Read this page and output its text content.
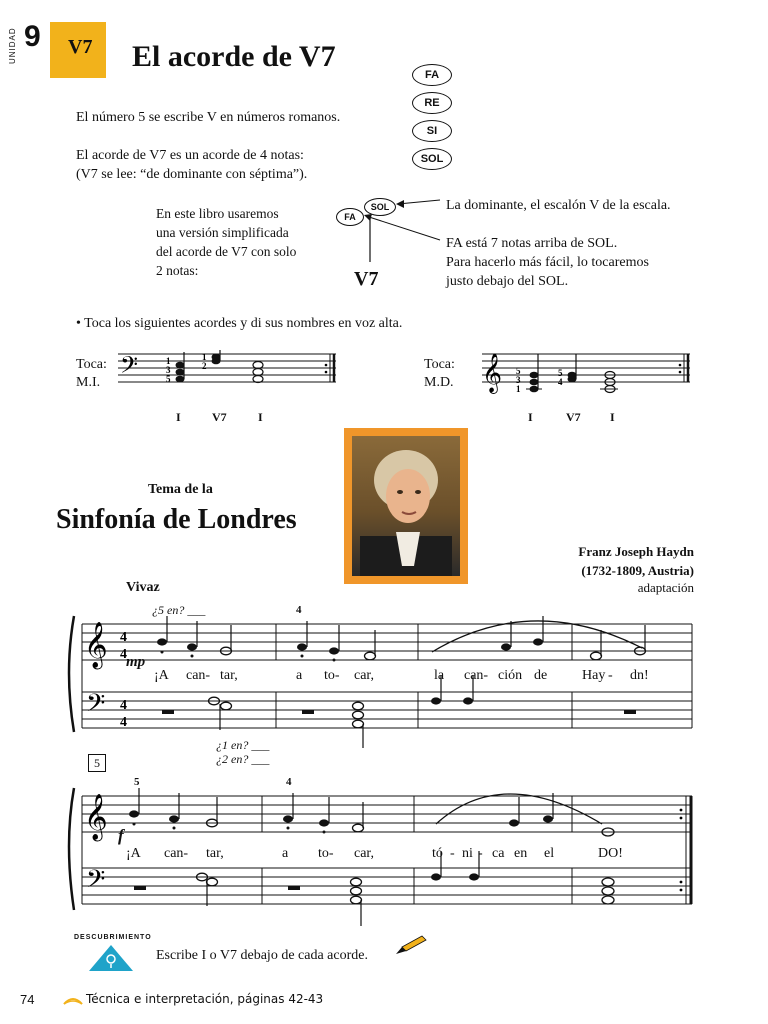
9
UNIDAD	V7	El acorde de V7
El número 5 se escribe V en números romanos.
El acorde de V7 es un acorde de 4 notas:
(V7 se lee: “de dominante con séptima”).
FA
RE
SI
SOL
En este libro usaremos
una versión simplificada
del acorde de V7 con solo
2 notas:
FA
SOL
V7
La dominante, el escalón V de la escala.
FA está 7 notas arriba de SOL.
Para hacerlo más fácil, lo tocaremos
justo debajo del SOL.
• Toca los siguientes acordes y di sus nombres en voz alta.
Toca:
M.I.
Toca:
M.D.
𝄢	1
3
5
1
2	𝄞 5
3
1
5
4
I	V7	I	I	V7 I
Tema de la
Sinfonía de Londres
Franz Joseph Haydn
(1732-1809, Austria)
adaptación
Vivaz
¿5 en? ___	4
𝄞
𝄢
4
4
4
4
mp
¡A can- tar,	a to- car,	la can- ción de Hay - dn!
¿1 en? ___
¿2 en? ___
5
5	4
𝄞
𝄢
f
¡A can- tar,	a to- car,	tó - ni - ca en el	DO!
DESCUBRIMIENTO
Escribe I o V7 debajo de cada acorde.
74	Técnica e interpretación, páginas 42-43
